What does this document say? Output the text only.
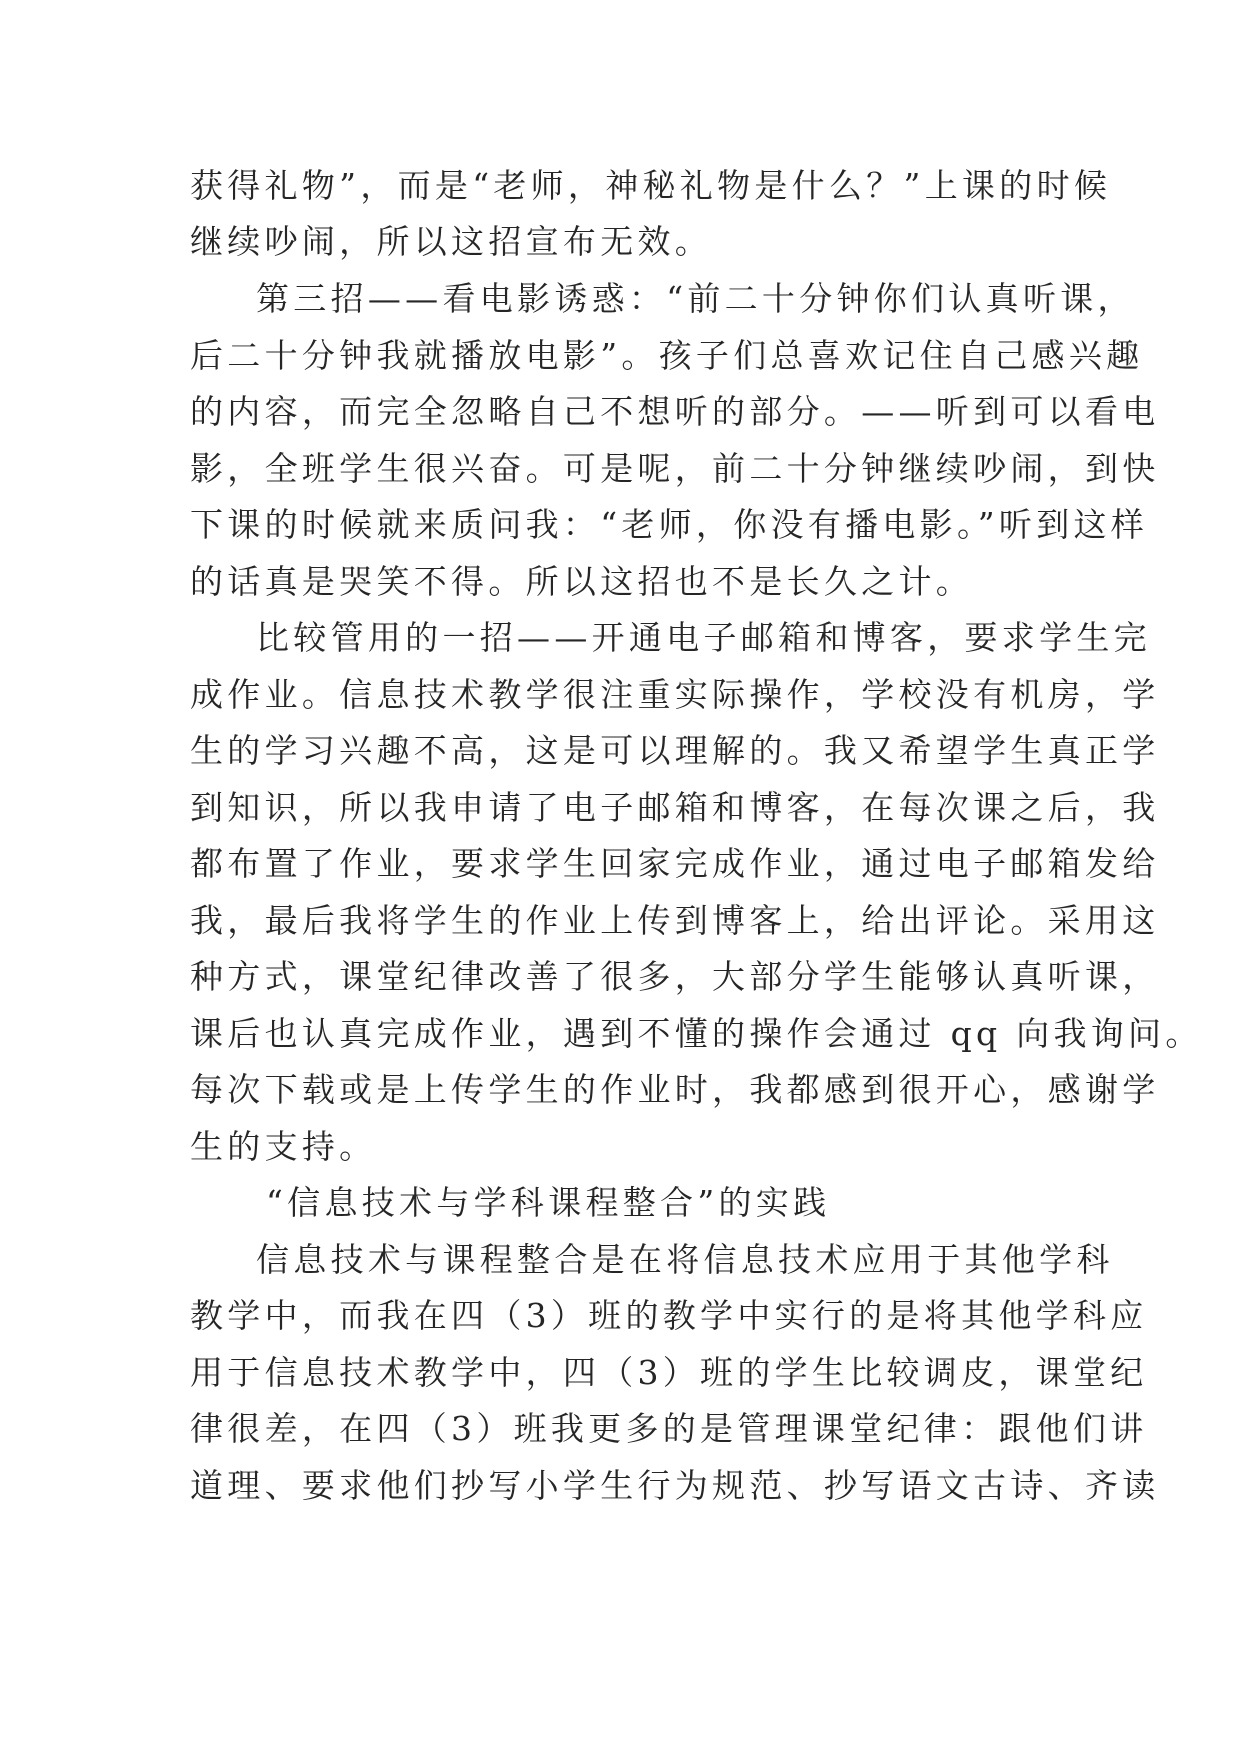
获得礼物”，而是“老师，神秘礼物是什么？”上课的时候
继续吵闹，所以这招宣布无效。
第三招——看电影诱惑：“前二十分钟你们认真听课，
后二十分钟我就播放电影”。孩子们总喜欢记住自己感兴趣
的内容，而完全忽略自己不想听的部分。——听到可以看电
影，全班学生很兴奋。可是呢，前二十分钟继续吵闹，到快
下课的时候就来质问我：“老师，你没有播电影。”听到这样
的话真是哭笑不得。所以这招也不是长久之计。
比较管用的一招——开通电子邮箱和博客，要求学生完
成作业。信息技术教学很注重实际操作，学校没有机房，学
生的学习兴趣不高，这是可以理解的。我又希望学生真正学
到知识，所以我申请了电子邮箱和博客，在每次课之后，我
都布置了作业，要求学生回家完成作业，通过电子邮箱发给
我，最后我将学生的作业上传到博客上，给出评论。采用这
种方式，课堂纪律改善了很多，大部分学生能够认真听课，
课后也认真完成作业，遇到不懂的操作会通过 qq 向我询问。
每次下载或是上传学生的作业时，我都感到很开心，感谢学
生的支持。
“信息技术与学科课程整合”的实践
信息技术与课程整合是在将信息技术应用于其他学科
教学中，而我在四（3）班的教学中实行的是将其他学科应
用于信息技术教学中，四（3）班的学生比较调皮，课堂纪
律很差，在四（3）班我更多的是管理课堂纪律：跟他们讲
道理、要求他们抄写小学生行为规范、抄写语文古诗、齐读
